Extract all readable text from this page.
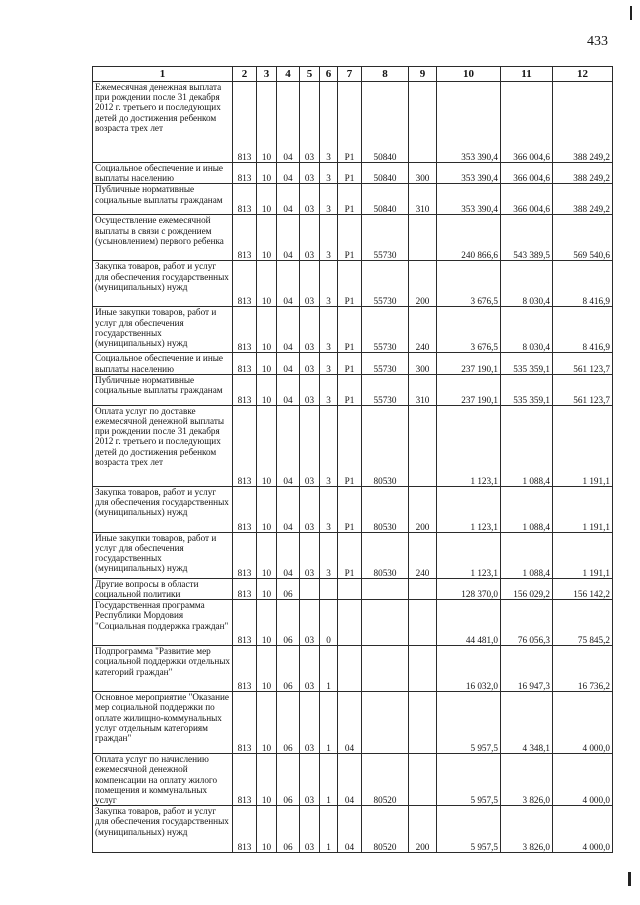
433
1	2	3	4	5	6	7	8	9	10	11	12
Ежемесячная денежная выплата при рождении после 31 декабря 2012 г. третьего и последующих детей до достижения ребенком возраста трех лет	813	10	04	03	3	P1	50840		353 390,4	366 004,6	388 249,2
Социальное обеспечение и иные выплаты населению	813	10	04	03	3	P1	50840	300	353 390,4	366 004,6	388 249,2
Публичные нормативные социальные выплаты гражданам	813	10	04	03	3	P1	50840	310	353 390,4	366 004,6	388 249,2
Осуществление ежемесячной выплаты в связи с рождением (усыновлением) первого ребенка	813	10	04	03	3	P1	55730		240 866,6	543 389,5	569 540,6
Закупка товаров, работ и услуг для обеспечения государственных (муниципальных) нужд	813	10	04	03	3	P1	55730	200	3 676,5	8 030,4	8 416,9
Иные закупки товаров, работ и услуг для обеспечения государственных (муниципальных) нужд	813	10	04	03	3	P1	55730	240	3 676,5	8 030,4	8 416,9
Социальное обеспечение и иные выплаты населению	813	10	04	03	3	P1	55730	300	237 190,1	535 359,1	561 123,7
Публичные нормативные социальные выплаты гражданам	813	10	04	03	3	P1	55730	310	237 190,1	535 359,1	561 123,7
Оплата услуг по доставке ежемесячной денежной выплаты при рождении после 31 декабря 2012 г. третьего и последующих детей до достижения ребенком возраста трех лет	813	10	04	03	3	P1	80530		1 123,1	1 088,4	1 191,1
Закупка товаров, работ и услуг для обеспечения государственных (муниципальных) нужд	813	10	04	03	3	P1	80530	200	1 123,1	1 088,4	1 191,1
Иные закупки товаров, работ и услуг для обеспечения государственных (муниципальных) нужд	813	10	04	03	3	P1	80530	240	1 123,1	1 088,4	1 191,1
Другие вопросы в области социальной политики	813	10	06						128 370,0	156 029,2	156 142,2
Государственная программа Республики Мордовия "Социальная поддержка граждан"	813	10	06	03	0				44 481,0	76 056,3	75 845,2
Подпрограмма "Развитие мер социальной поддержки отдельных категорий граждан"	813	10	06	03	1				16 032,0	16 947,3	16 736,2
Основное мероприятие "Оказание мер социальной поддержки по оплате жилищно-коммунальных услуг отдельным категориям граждан"	813	10	06	03	1	04			5 957,5	4 348,1	4 000,0
Оплата услуг по начислению ежемесячной денежной компенсации на оплату жилого помещения и коммунальных услуг	813	10	06	03	1	04	80520		5 957,5	3 826,0	4 000,0
Закупка товаров, работ и услуг для обеспечения государственных (муниципальных) нужд	813	10	06	03	1	04	80520	200	5 957,5	3 826,0	4 000,0
